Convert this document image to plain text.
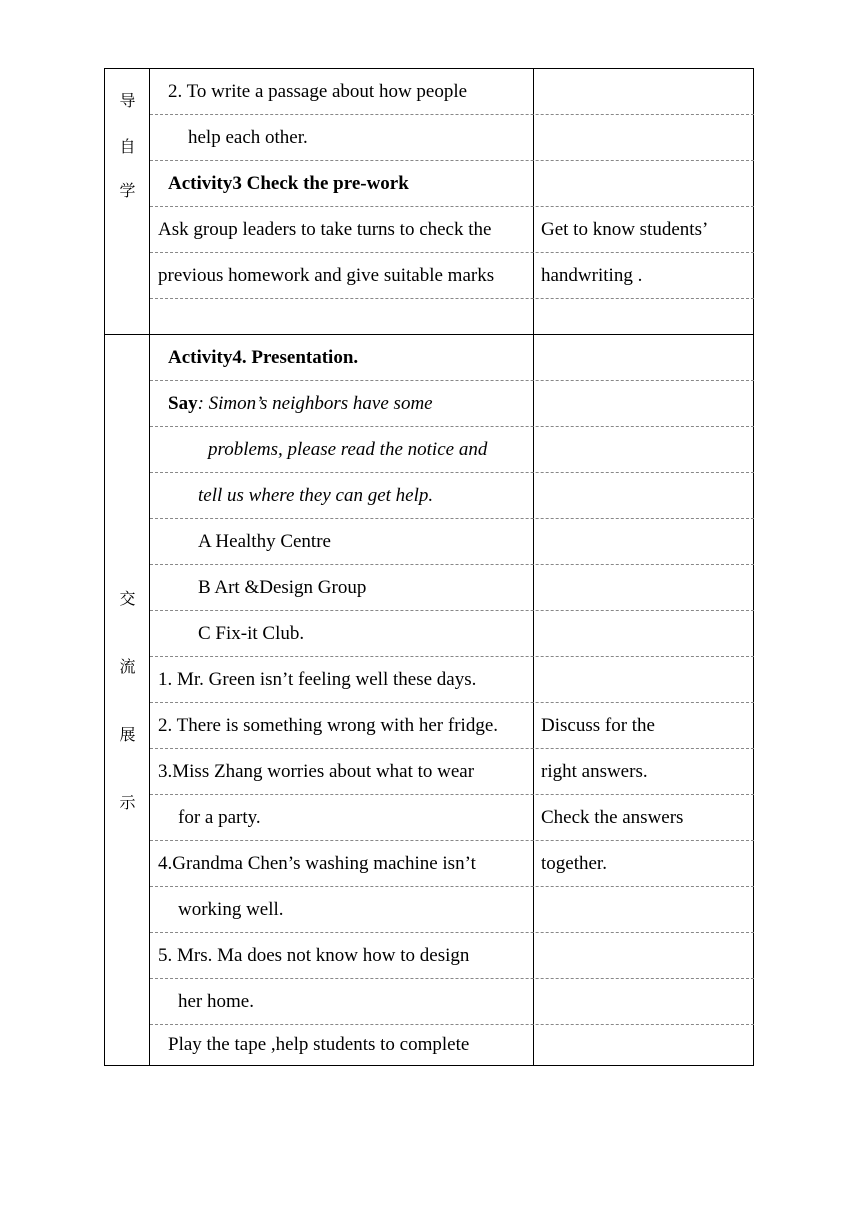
导
自
学
2. To write a passage about how people
help each other.
Activity3 Check the pre-work
Ask group leaders to take turns to check the	Get to know students’
previous homework and give suitable marks	handwriting .
交
流
展
示
Activity4. Presentation.
Say : Simon’s neighbors have some
problems, please read the notice and
tell us where they can get help.
A Healthy Centre
B Art &Design Group
C Fix-it Club.
1. Mr. Green isn’t feeling well these days.
2. There is something wrong with her fridge.	Discuss for the
3.Miss Zhang worries about what to wear	right answers.
for a party.	Check the answers
4.Grandma Chen’s washing machine isn’t	together.
working well.
5. Mrs. Ma does not know how to design
her home.
Play the tape ,help students to complete
